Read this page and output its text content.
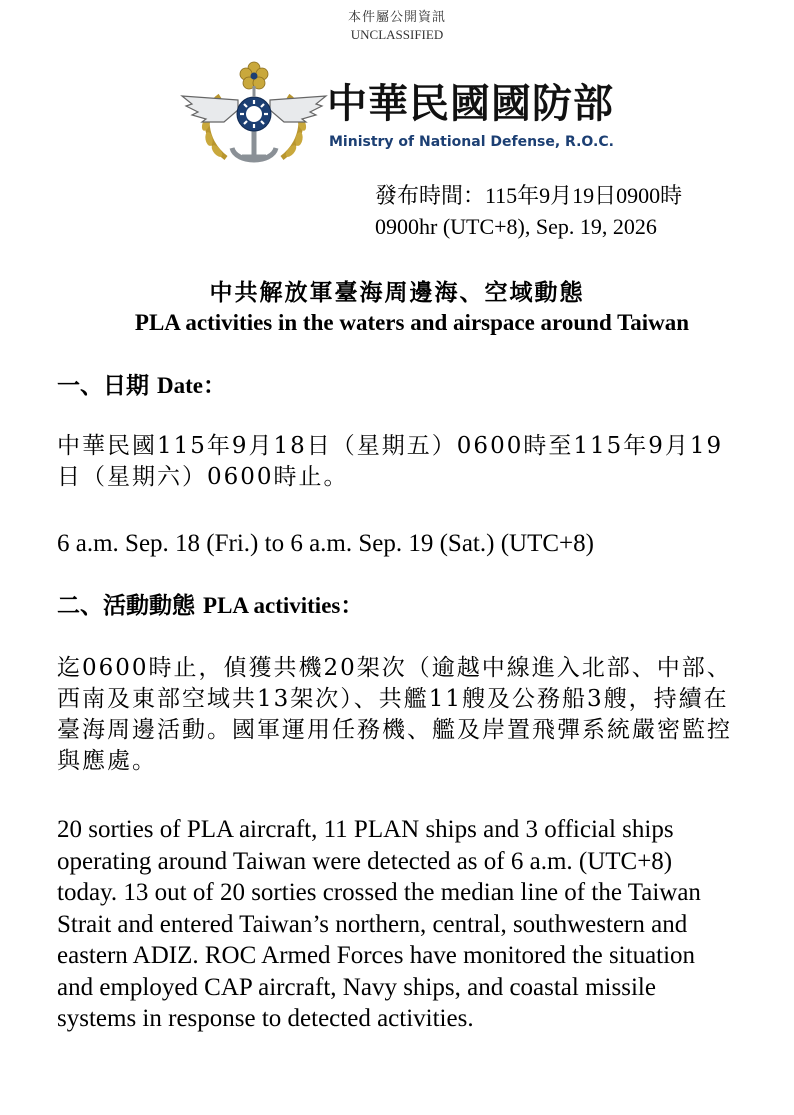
本件屬公開資訊
UNCLASSIFIED
中華民國國防部
Ministry of National Defense, R.O.C.
發布時間：115年9月19日0900時
0900hr (UTC+8), Sep. 19, 2026
中共解放軍臺海周邊海、空域動態
PLA activities in the waters and airspace around Taiwan
一、日期 Date：
中華民國115年9月18日（星期五）0600時至115年9月19日（星期六）0600時止。
6 a.m. Sep. 18 (Fri.) to 6 a.m. Sep. 19 (Sat.) (UTC+8)
二、活動動態 PLA activities：
迄0600時止，偵獲共機20架次（逾越中線進入北部、中部、西南及東部空域共13架次）、共艦11艘及公務船3艘，持續在臺海周邊活動。國軍運用任務機、艦及岸置飛彈系統嚴密監控與應處。
20 sorties of PLA aircraft, 11 PLAN ships and 3 official ships operating around Taiwan were detected as of 6 a.m. (UTC+8) today. 13 out of 20 sorties crossed the median line of the Taiwan Strait and entered Taiwan’s northern, central, southwestern and eastern ADIZ. ROC Armed Forces have monitored the situation and employed CAP aircraft, Navy ships, and coastal missile systems in response to detected activities.
